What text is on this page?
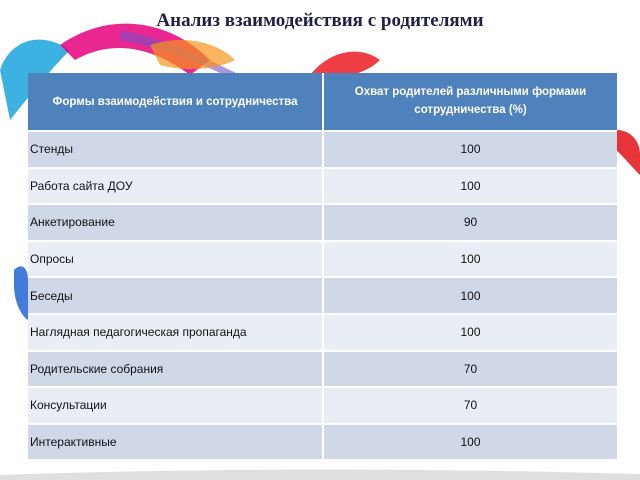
Анализ взаимодействия с родителями
Формы взаимодействия и сотрудничества	Охват родителей различными формами сотрудничества (%)
Стенды	100
Работа сайта ДОУ	100
Анкетирование	90
Опросы	100
Беседы	100
Наглядная педагогическая пропаганда	100
Родительские собрания	70
Консультации	70
Интерактивные	100
